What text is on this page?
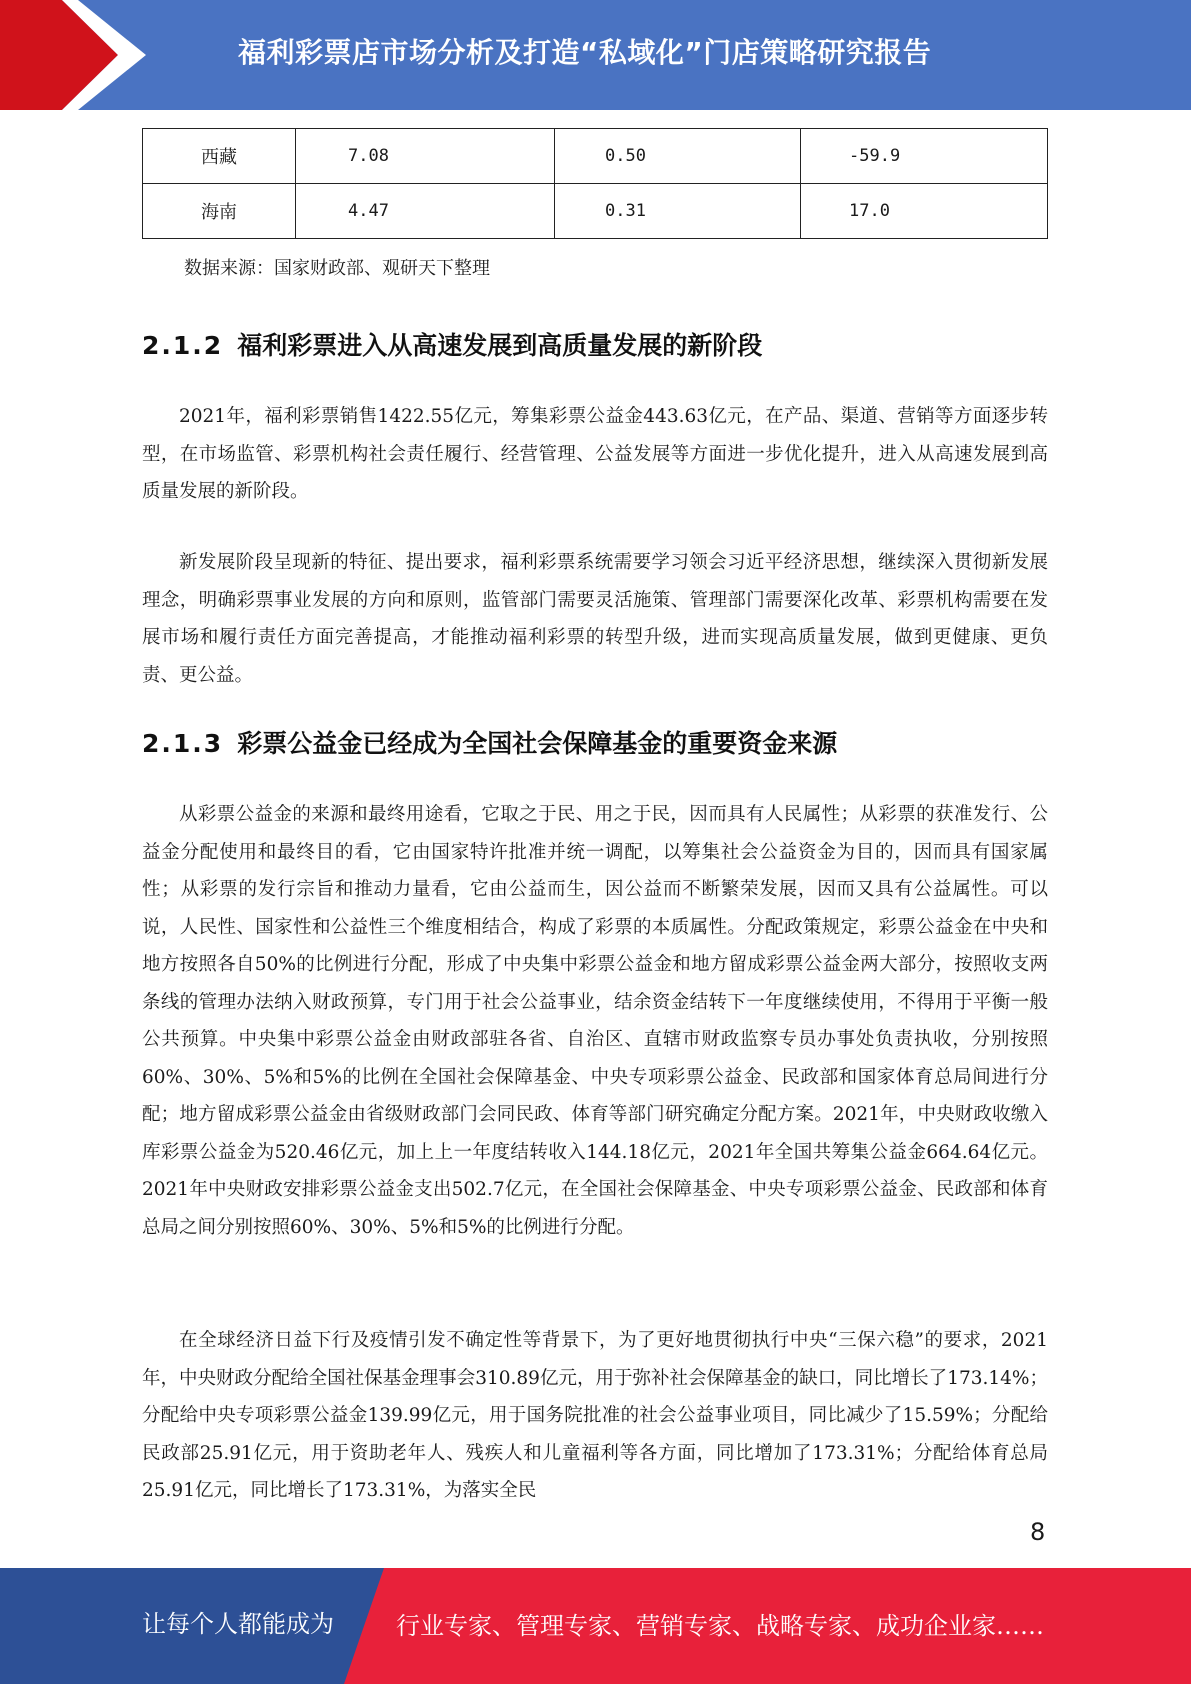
福利彩票店市场分析及打造“私域化”门店策略研究报告
西藏	7.08	0.50	-59.9
海南	4.47	0.31	17.0
数据来源：国家财政部、观研天下整理
2.1.2 福利彩票进入从高速发展到高质量发展的新阶段

2021年，福利彩票销售1422.55亿元，筹集彩票公益金443.63亿元，在产品、渠道、营销等方面逐步转型，在市场监管、彩票机构社会责任履行、经营管理、公益发展等方面进一步优化提升，进入从高速发展到高质量发展的新阶段。

新发展阶段呈现新的特征、提出要求，福利彩票系统需要学习领会习近平经济思想，继续深入贯彻新发展理念，明确彩票事业发展的方向和原则，监管部门需要灵活施策、管理部门需要深化改革、彩票机构需要在发展市场和履行责任方面完善提高，才能推动福利彩票的转型升级，进而实现高质量发展，做到更健康、更负责、更公益。

2.1.3 彩票公益金已经成为全国社会保障基金的重要资金来源

从彩票公益金的来源和最终用途看，它取之于民、用之于民，因而具有人民属性；从彩票的获准发行、公益金分配使用和最终目的看，它由国家特许批准并统一调配，以筹集社会公益资金为目的，因而具有国家属性；从彩票的发行宗旨和推动力量看，它由公益而生，因公益而不断繁荣发展，因而又具有公益属性。可以说，人民性、国家性和公益性三个维度相结合，构成了彩票的本质属性。分配政策规定，彩票公益金在中央和地方按照各自50%的比例进行分配，形成了中央集中彩票公益金和地方留成彩票公益金两大部分，按照收支两条线的管理办法纳入财政预算，专门用于社会公益事业，结余资金结转下一年度继续使用，不得用于平衡一般公共预算。中央集中彩票公益金由财政部驻各省、自治区、直辖市财政监察专员办事处负责执收，分别按照60%、30%、5%和5%的比例在全国社会保障基金、中央专项彩票公益金、民政部和国家体育总局间进行分配；地方留成彩票公益金由省级财政部门会同民政、体育等部门研究确定分配方案。2021年，中央财政收缴入库彩票公益金为520.46亿元，加上上一年度结转收入144.18亿元，2021年全国共筹集公益金664.64亿元。2021年中央财政安排彩票公益金支出502.7亿元，在全国社会保障基金、中央专项彩票公益金、民政部和体育总局之间分别按照60%、30%、5%和5%的比例进行分配。

在全球经济日益下行及疫情引发不确定性等背景下，为了更好地贯彻执行中央“三保六稳”的要求，2021年，中央财政分配给全国社保基金理事会310.89亿元，用于弥补社会保障基金的缺口，同比增长了173.14%；分配给中央专项彩票公益金139.99亿元，用于国务院批准的社会公益事业项目，同比减少了15.59%；分配给民政部25.91亿元，用于资助老年人、残疾人和儿童福利等各方面，同比增加了173.31%；分配给体育总局25.91亿元，同比增长了173.31%，为落实全民

8
让每个人都能成为	行业专家、管理专家、营销专家、战略专家、成功企业家……
